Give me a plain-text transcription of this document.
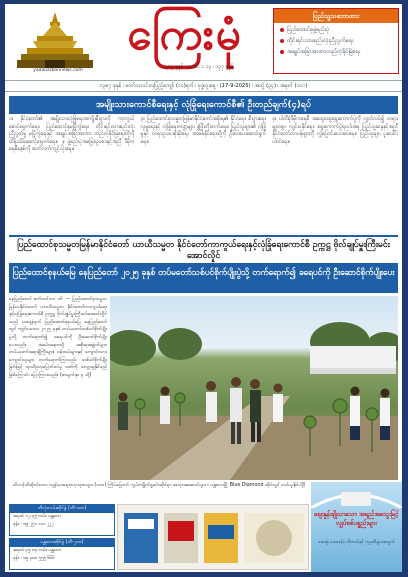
yadanarbonnews.com
ကြေးမုံ
၁၃၈၇ ခုနှစ် ၊ လောင် ၁ ၁၃ ၊ ၁၃၇ ခုနှစ်
ပြည်သူ့သဘောထား
ပြည်ထောင်စုဖွဲ့စည်းပုံ
တိုင်းရင်းသားစည်းလုံးညီညွတ်ရေး
အချုပ်အခြာအာဏာတည်တံ့ခိုင်မြဲရေး
၁၃၈၇ ခုနှစ် ၊ တော်သလင်းလပြည့်ကျော် (၁၀)ရက် ၊ ဗုဒ္ဓဟူးနေ့ ၊ (17-9-2025) ၊ အတွဲ (၃၄) ၊ အမှတ် (၁၀၁)
အမျိုးသားကောင်စီရေးနှင့် လုံခြုံရေးကောင်စီ၏ ဦးတည်ချက်(၄)ရပ်
၁။ နိုင်ငံတော်၏ အမျိုးသားလုံခြုံရေးအကျိုးစီးပွားကို ကာကွယ်စောင့်ရှောက်ရေး၊ ပြည်ထောင်စုမပြိုကွဲရေး၊ တိုင်းရင်းသားစည်းလုံးညီညွတ်မှု မပြိုကွဲရေးနှင့် အချုပ်အခြာအာဏာ တည်တံ့ခိုင်မြဲရေးတို့ကို ထိန်းသိမ်းစောင့်ရှောက်ရေး။ ၂။ ဖွဲ့စည်းပုံအခြေခံဥပဒေနှင့်အညီ ဒီမိုကရေစီစနစ်ကို ဆက်လက်ကျင့်သုံးရေး။
၃။ ပြည်ထောင်စုသမ္မတမြန်မာနိုင်ငံတော်အစိုးရ၏ နိုင်ငံရေး၊ စီးပွားရေး၊ လူမှုရေးနှင့် လုံခြုံရေးကဏ္ဍများ ဖွံ့ဖြိုးတိုးတက်ရေး။ ပြည်သူများ၏ လုံခြုံမှုနှင့် တရားဥပဒေစိုးမိုးရေး အာမခံနိုင်ရေးတို့ကို ဦးစားပေးဆောင်ရွက်ရေး။
၄။ ပါတီစုံဒီမိုကရေစီ အထွေထွေရွေးကောက်ပွဲကို လွတ်လပ်၍ တရားမျှတစွာ ကျင်းပနိုင်ရေး၊ ရွေးကောက်ပွဲရလဒ်အရ ပြည်သူ့ဆန္ဒနှင့်အညီ နိုင်ငံတော်တာဝန်များကို လွှဲပြောင်းပေးအပ်ရေး။ ပြည်သူများ ပူးပေါင်းပါဝင်ရေး။
ပြည်ထောင်စုသမ္မတမြန်မာနိုင်ငံတော် ယာယီသမ္မတ နိုင်ငံတော်ကာကွယ်ရေးနှင့်လုံခြုံရေးကောင်စီ ဥက္ကဋ္ဌ ဗိုလ်ချုပ်မှူးကြီးမင်းအောင်လှိုင်
ပြည်ထောင်စုနယ်မြေ နေပြည်တော် ၂၀၂၅ ခုနှစ် တပ်မတော်သစ်ပင်စိုက်ပျိုးပွဲသို့ တက်ရောက်၍ ခရေပင်ကို ဦးဆောင်စိုက်ပျိုးပေး
နေပြည်တော် စက်တင်ဘာ ၁၆ — ပြည်ထောင်စုသမ္မတမြန်မာနိုင်ငံတော် ယာယီသမ္မတ နိုင်ငံတော်ကာကွယ်ရေးနှင့်လုံခြုံရေးကောင်စီ ဥက္ကဋ္ဌ ဗိုလ်ချုပ်မှူးကြီးမင်းအောင်လှိုင်သည် ယနေ့နံနက် ပြည်ထောင်စုနယ်မြေ နေပြည်တော်တွင် ကျင်းပသော ၂၀၂၅ ခုနှစ် တပ်မတော်သစ်ပင်စိုက်ပျိုးပွဲသို့ တက်ရောက်၍ ခရေပင်ကို ဦးဆောင်စိုက်ပျိုးပေးသည်။ အခမ်းအနားသို့ အစိုးရအဖွဲ့ဝင်များ၊ တပ်မတော်အရာရှိကြီးများ၊ ဝန်ထမ်းများနှင့် ကျောင်းသားကျောင်းသူများ တက်ရောက်ကြသည်။ သစ်ပင်စိုက်ပျိုးခြင်းဖြင့် ရာသီဥတုပြောင်းလဲမှု ဒဏ်ကို လျော့ချနိုင်မည်ဖြစ်ကြောင်း ပြောကြားသည်။ (စာမျက်နှာ ၃ သို့)
သိသင့်သိထိုက်သော ကျန်းမာရေးဗဟုသုတများ (၁၀၀) ကြိမ်မြောက် ကွမ်းကျိုက်ရှုခင်းဆိုင်ရာ အသုံးအဆောင်များ ။ မန္တလေးမြို့ Blue Diamond ဆိုင်တွင် ဝယ်ယူနိုင်ပါပြီ
ဘီလုံးလမ်းဆိုင်ခွဲ (ဘီ-၁၀၀)
အမှတ် ၁၂၊ ၃၅ လမ်း၊ မန္တလေး
ဖုန်း - ၀၉ ၂၅၁ ၁၁၁ ၂၂၂
မန္တလေးဆိုင်ခွဲ (ဘီ-၂၀၀)
အမှတ် ၄၅၊ ၈၄ လမ်း၊ မန္တလေး
ဖုန်း - ၀၉ ၄၀၀ ၅၅၅ ၆၆၆
ဈေးနှုန်းချိုသာသော အရည်အသွေးမြင့် လျှပ်စစ်ပစ္စည်းများ
ဆေးရုံ၊ ဆေးခန်း၊ ဟိုတယ်နှင့် ကုမ္ပဏီများအတွက်
